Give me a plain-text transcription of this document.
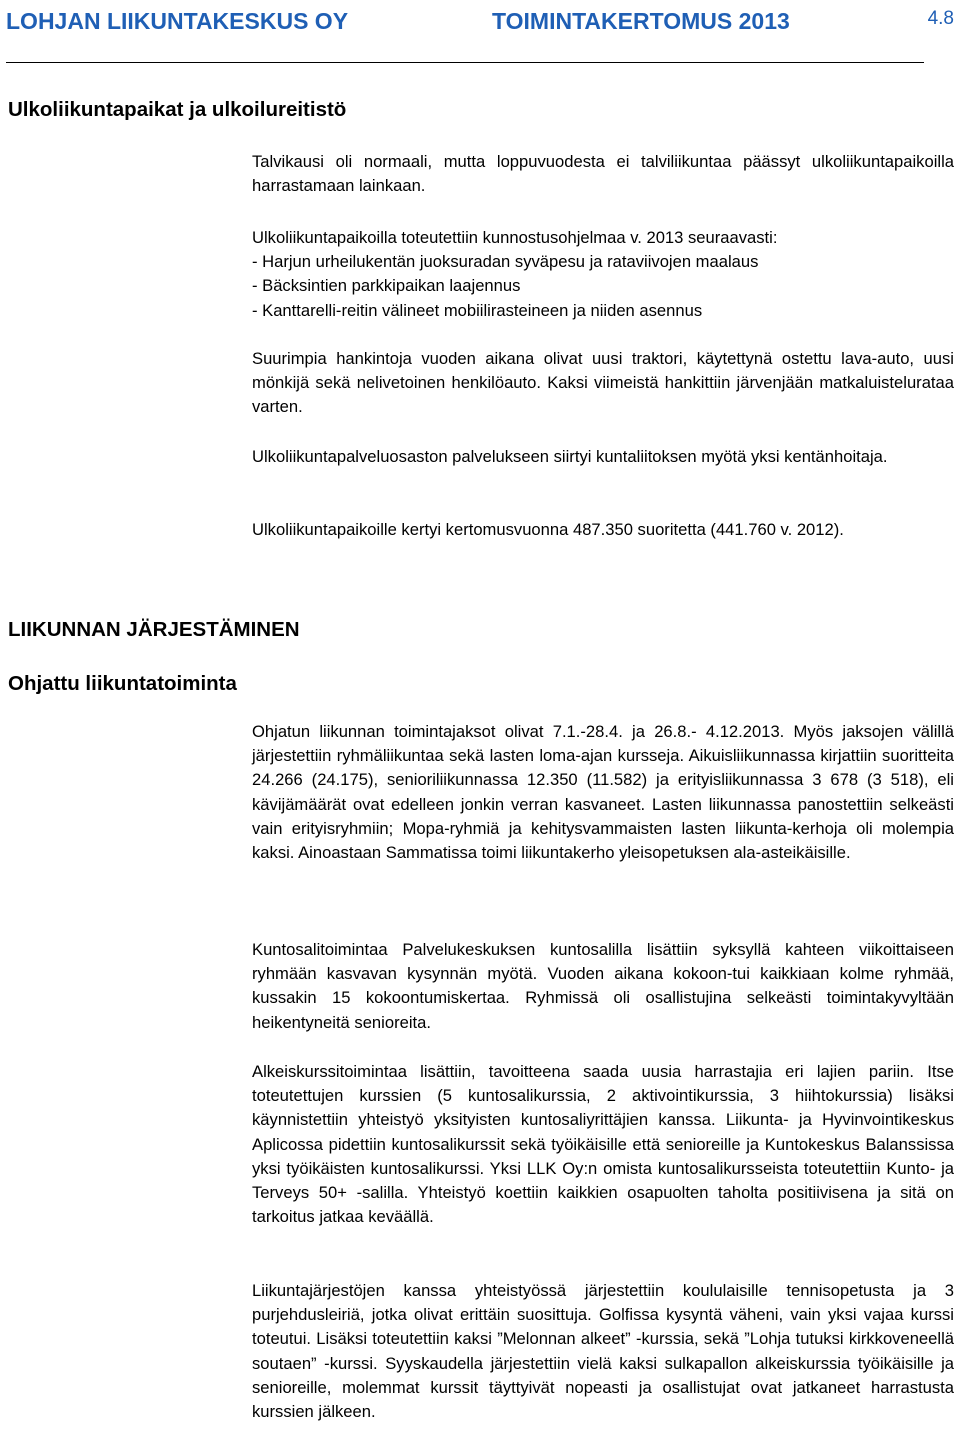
LOHJAN LIIKUNTAKESKUS OY	TOIMINTAKERTOMUS 2013	4.8
Ulkoliikuntapaikat ja ulkoilureitistö

Talvikausi oli normaali, mutta loppuvuodesta ei talviliikuntaa päässyt ulkoliikuntapaikoilla harrastamaan lainkaan.

Ulkoliikuntapaikoilla toteutettiin kunnostusohjelmaa v. 2013 seuraavasti:

- Harjun urheilukentän juoksuradan syväpesu ja rataviivojen maalaus

- Bäcksintien parkkipaikan laajennus

- Kanttarelli-reitin välineet mobiilirasteineen ja niiden asennus

Suurimpia hankintoja vuoden aikana olivat uusi traktori, käytettynä ostettu lava-auto, uusi mönkijä sekä nelivetoinen henkilöauto. Kaksi viimeistä hankittiin järvenjään matkaluistelurataa varten.

Ulkoliikuntapalveluosaston palvelukseen siirtyi kuntaliitoksen myötä yksi kentänhoitaja.

Ulkoliikuntapaikoille kertyi kertomusvuonna 487.350 suoritetta (441.760 v. 2012).

LIIKUNNAN JÄRJESTÄMINEN
Ohjattu liikuntatoiminta

Ohjatun liikunnan toimintajaksot olivat 7.1.-28.4. ja 26.8.- 4.12.2013. Myös jaksojen välillä järjestettiin ryhmäliikuntaa sekä lasten loma-ajan kursseja. Aikuisliikunnassa kirjattiin suoritteita 24.266 (24.175), senioriliikunnassa 12.350 (11.582) ja erityisliikunnassa 3 678 (3 518), eli kävijämäärät ovat edelleen jonkin verran kasvaneet. Lasten liikunnassa panostettiin selkeästi vain erityisryhmiin; Mopa-ryhmiä ja kehitysvammaisten lasten liikunta-kerhoja oli molempia kaksi. Ainoastaan Sammatissa toimi liikuntakerho yleisopetuksen ala-asteikäisille.

Kuntosalitoimintaa Palvelukeskuksen kuntosalilla lisättiin syksyllä kahteen viikoittaiseen ryhmään kasvavan kysynnän myötä. Vuoden aikana kokoon-tui kaikkiaan kolme ryhmää, kussakin 15 kokoontumiskertaa. Ryhmissä oli osallistujina selkeästi toimintakyvyltään heikentyneitä senioreita.

Alkeiskurssitoimintaa lisättiin, tavoitteena saada uusia harrastajia eri lajien pariin. Itse toteutettujen kurssien (5 kuntosalikurssia, 2 aktivointikurssia, 3 hiihtokurssia) lisäksi käynnistettiin yhteistyö yksityisten kuntosaliyrittäjien kanssa. Liikunta- ja Hyvinvointikeskus Aplicossa pidettiin kuntosalikurssit sekä työikäisille että senioreille ja Kuntokeskus Balanssissa yksi työikäisten kuntosalikurssi. Yksi LLK Oy:n omista kuntosalikursseista toteutettiin Kunto- ja Terveys 50+ -salilla. Yhteistyö koettiin kaikkien osapuolten taholta positiivisena ja sitä on tarkoitus jatkaa keväällä.

Liikuntajärjestöjen kanssa yhteistyössä järjestettiin koululaisille tennisopetusta ja 3 purjehdusleiriä, jotka olivat erittäin suosittuja. Golfissa kysyntä väheni, vain yksi vajaa kurssi toteutui. Lisäksi toteutettiin kaksi ”Melonnan alkeet” -kurssia, sekä ”Lohja tutuksi kirkkoveneellä soutaen” -kurssi. Syyskaudella järjestettiin vielä kaksi sulkapallon alkeiskurssia työikäisille ja senioreille, molemmat kurssit täyttyivät nopeasti ja osallistujat ovat jatkaneet harrastusta kurssien jälkeen.
